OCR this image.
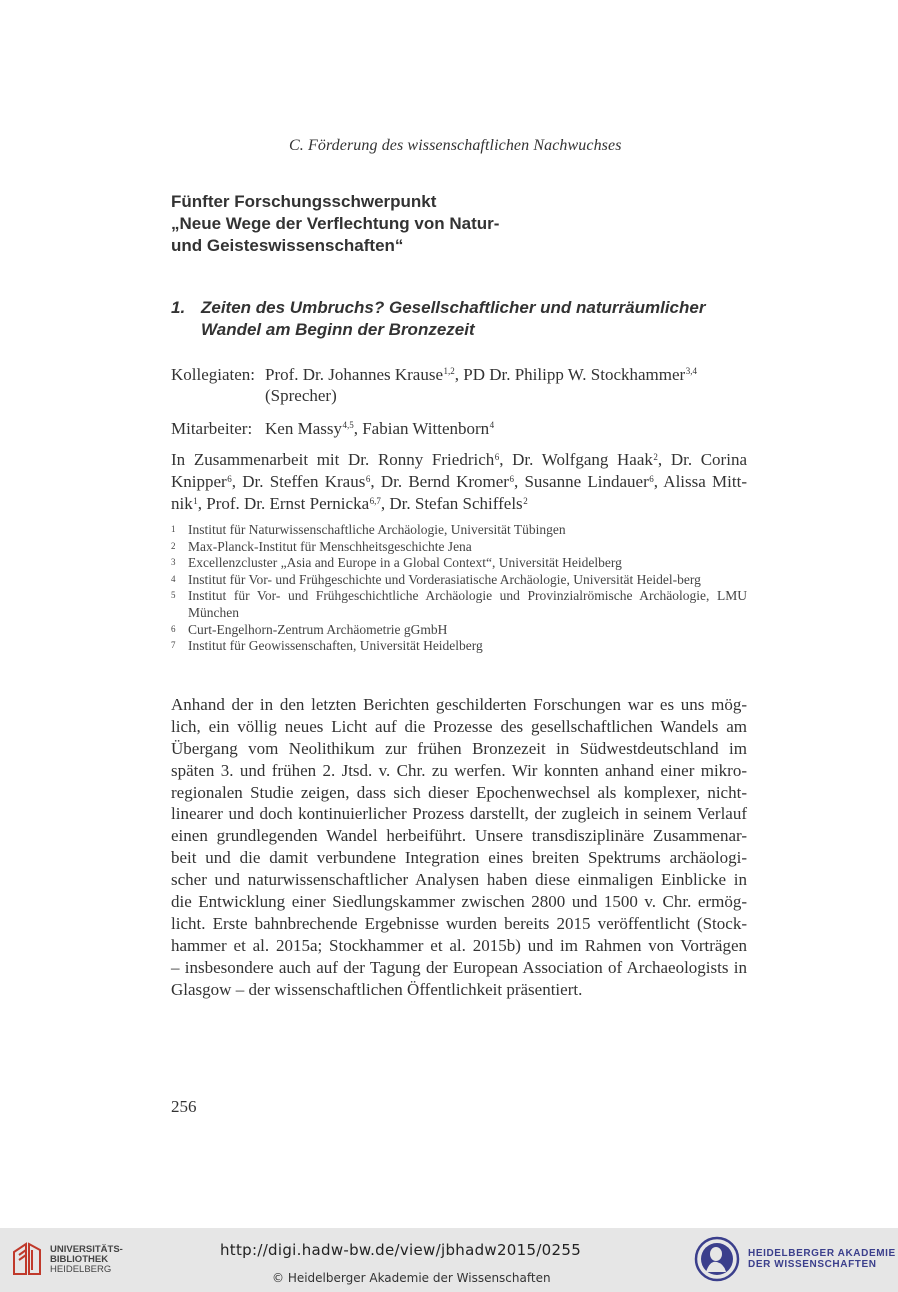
C. Förderung des wissenschaftlichen Nachwuchses
Fünfter Forschungsschwerpunkt
„Neue Wege der Verflechtung von Natur-
und Geisteswissenschaften“
1. Zeiten des Umbruchs? Gesellschaftlicher und naturräumlicher
Wandel am Beginn der Bronzezeit
Kollegiaten: Prof. Dr. Johannes Krause$^{1,2}$, PD Dr. Philipp W. Stockhammer$^{3,4}$
(Sprecher)
Mitarbeiter: Ken Massy$^{4,5}$, Fabian Wittenborn$^4$
In Zusammenarbeit mit Dr. Ronny Friedrich$^6$, Dr. Wolfgang Haak$^2$, Dr. Corina
Knipper$^6$, Dr. Steffen Kraus$^6$, Dr. Bernd Kromer$^6$, Susanne Lindauer$^6$, Alissa Mitt-
nik$^1$, Prof. Dr. Ernst Pernicka$^{6,7}$, Dr. Stefan Schiffels$^2$
1 Institut für Naturwissenschaftliche Archäologie, Universität Tübingen
2 Max-Planck-Institut für Menschheitsgeschichte Jena
3 Excellenzcluster „Asia and Europe in a Global Context“, Universität Heidelberg
4 Institut für Vor- und Frühgeschichte und Vorderasiatische Archäologie, Universität Heidel-berg
5 Institut für Vor- und Frühgeschichtliche Archäologie und Provinzialrömische Archäologie, LMU München
6 Curt-Engelhorn-Zentrum Archäometrie gGmbH
7 Institut für Geowissenschaften, Universität Heidelberg
Anhand der in den letzten Berichten geschilderten Forschungen war es uns mög-
lich, ein völlig neues Licht auf die Prozesse des gesellschaftlichen Wandels am
Übergang vom Neolithikum zur frühen Bronzezeit in Südwestdeutschland im
späten 3. und frühen 2. Jtsd. v. Chr. zu werfen. Wir konnten anhand einer mikro-
regionalen Studie zeigen, dass sich dieser Epochenwechsel als komplexer, nicht-
linearer und doch kontinuierlicher Prozess darstellt, der zugleich in seinem Verlauf
einen grundlegenden Wandel herbeiführt. Unsere transdisziplinäre Zusammenar-
beit und die damit verbundene Integration eines breiten Spektrums archäologi-
scher und naturwissenschaftlicher Analysen haben diese einmaligen Einblicke in
die Entwicklung einer Siedlungskammer zwischen 2800 und 1500 v. Chr. ermög-
licht. Erste bahnbrechende Ergebnisse wurden bereits 2015 veröffentlicht (Stock-
hammer et al. 2015a; Stockhammer et al. 2015b) und im Rahmen von Vorträgen
– insbesondere auch auf der Tagung der European Association of Archaeologists in
Glasgow – der wissenschaftlichen Öffentlichkeit präsentiert.
256
UNIVERSITÄTS-
BIBLIOTHEK
HEIDELBERG
http://digi.hadw-bw.de/view/jbhadw2015/0255
© Heidelberger Akademie der Wissenschaften
HEIDELBERGER AKADEMIE
DER WISSENSCHAFTEN
